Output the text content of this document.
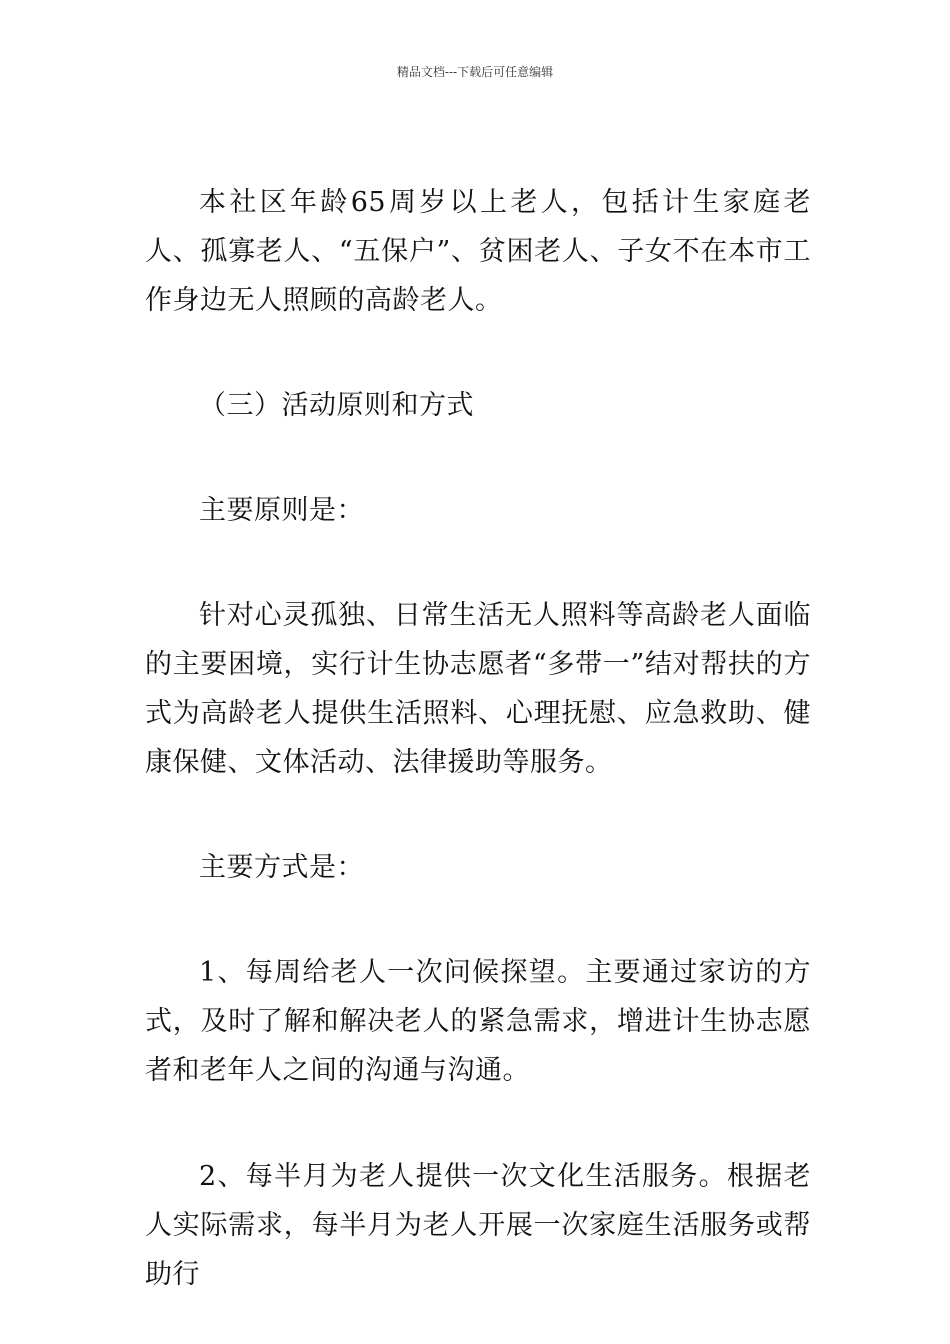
精品文档---下载后可任意编辑

本社区年龄65周岁以上老人，包括计生家庭老人、孤寡老人、“五保户”、贫困老人、子女不在本市工作身边无人照顾的高龄老人。

（三）活动原则和方式

主要原则是：

针对心灵孤独、日常生活无人照料等高龄老人面临的主要困境，实行计生协志愿者“多带一”结对帮扶的方式为高龄老人提供生活照料、心理抚慰、应急救助、健康保健、文体活动、法律援助等服务。

主要方式是：

1、每周给老人一次问候探望。主要通过家访的方式，及时了解和解决老人的紧急需求，增进计生协志愿者和老年人之间的沟通与沟通。

2、每半月为老人提供一次文化生活服务。根据老人实际需求，每半月为老人开展一次家庭生活服务或帮助行
